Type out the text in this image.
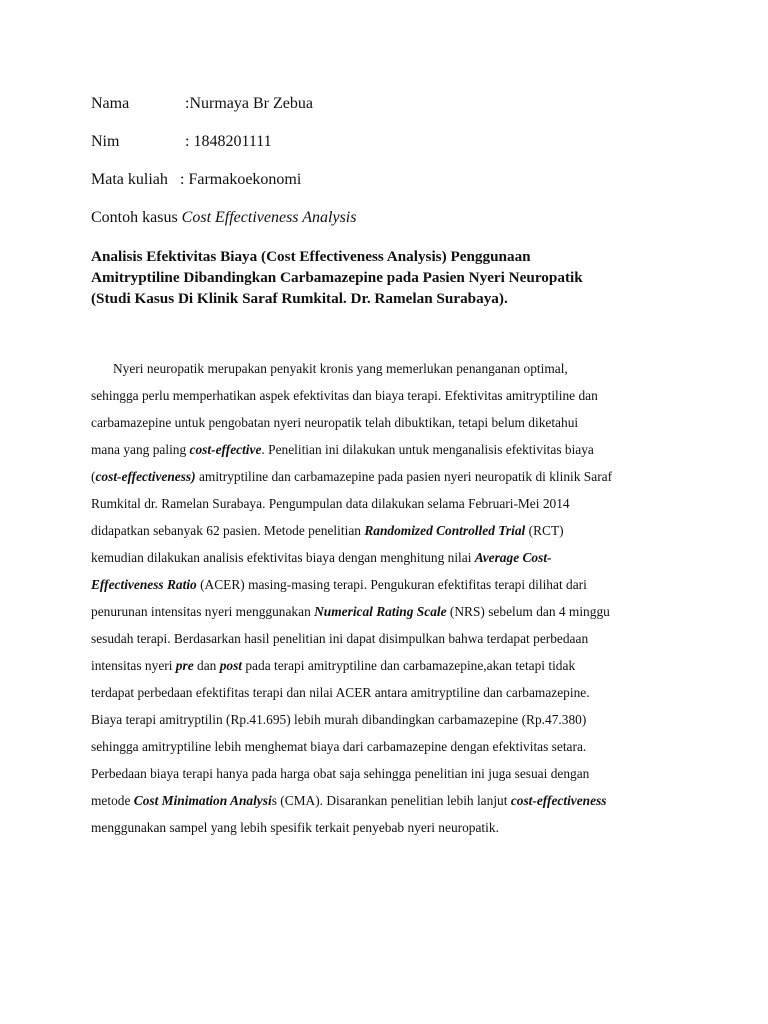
Nama	:Nurmaya Br Zebua
Nim	: 1848201111
Mata kuliah : Farmakoekonomi
Contoh kasus Cost Effectiveness Analysis
Analisis Efektivitas Biaya (Cost Effectiveness Analysis) Penggunaan
Amitryptiline Dibandingkan Carbamazepine pada Pasien Nyeri Neuropatik
(Studi Kasus Di Klinik Saraf Rumkital. Dr. Ramelan Surabaya).
Nyeri neuropatik merupakan penyakit kronis yang memerlukan penanganan optimal,
sehingga perlu memperhatikan aspek efektivitas dan biaya terapi. Efektivitas amitryptiline dan
carbamazepine untuk pengobatan nyeri neuropatik telah dibuktikan, tetapi belum diketahui
mana yang paling cost-effective. Penelitian ini dilakukan untuk menganalisis efektivitas biaya
(cost-effectiveness) amitryptiline dan carbamazepine pada pasien nyeri neuropatik di klinik Saraf
Rumkital dr. Ramelan Surabaya. Pengumpulan data dilakukan selama Februari-Mei 2014
didapatkan sebanyak 62 pasien. Metode penelitian Randomized Controlled Trial (RCT)
kemudian dilakukan analisis efektivitas biaya dengan menghitung nilai Average Cost-
Effectiveness Ratio (ACER) masing-masing terapi. Pengukuran efektifitas terapi dilihat dari
penurunan intensitas nyeri menggunakan Numerical Rating Scale (NRS) sebelum dan 4 minggu
sesudah terapi. Berdasarkan hasil penelitian ini dapat disimpulkan bahwa terdapat perbedaan
intensitas nyeri pre dan post pada terapi amitryptiline dan carbamazepine,akan tetapi tidak
terdapat perbedaan efektifitas terapi dan nilai ACER antara amitryptiline dan carbamazepine.
Biaya terapi amitryptilin (Rp.41.695) lebih murah dibandingkan carbamazepine (Rp.47.380)
sehingga amitryptiline lebih menghemat biaya dari carbamazepine dengan efektivitas setara.
Perbedaan biaya terapi hanya pada harga obat saja sehingga penelitian ini juga sesuai dengan
metode Cost Minimation Analysis (CMA). Disarankan penelitian lebih lanjut cost-effectiveness
menggunakan sampel yang lebih spesifik terkait penyebab nyeri neuropatik.
